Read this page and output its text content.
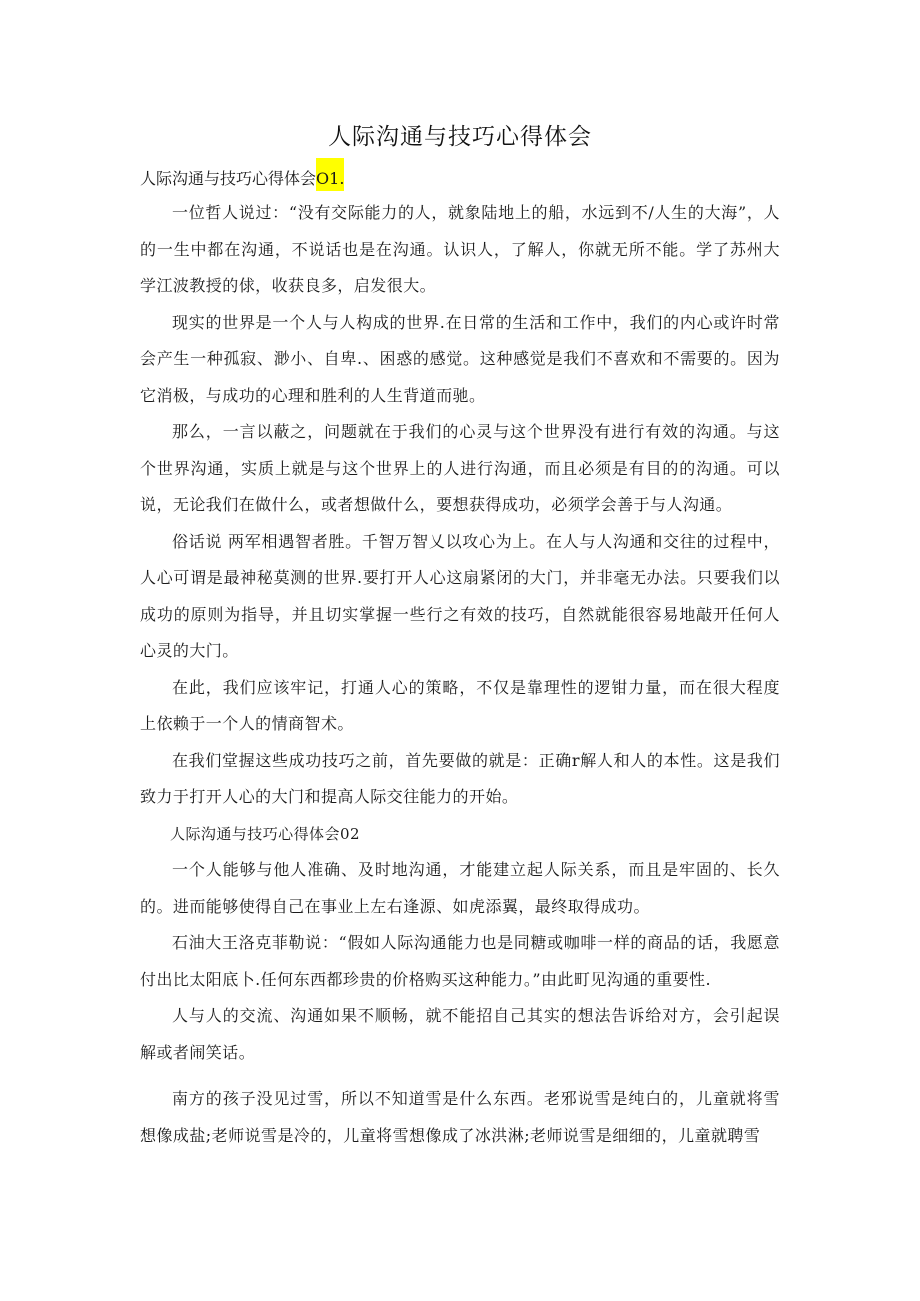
人际沟通与技巧心得体会
人际沟通与技巧心得体会O1.

一位哲人说过：“没有交际能力的人，就象陆地上的船，水远到不/人生的大海”，人的一生中都在沟通，不说话也是在沟通。认识人，了解人，你就无所不能。学了苏州大学江波教授的俅，收获良多，启发很大。

现实的世界是一个人与人构成的世界.在日常的生活和工作中，我们的内心或许时常会产生一种孤寂、渺小、自卑.、困惑的感觉。这种感觉是我们不喜欢和不需要的。因为它消极，与成功的心理和胜利的人生背道而驰。

那么，一言以蔽之，问题就在于我们的心灵与这个世界没有进行有效的沟通。与这个世界沟通，实质上就是与这个世界上的人进行沟通，而且必须是有目的的沟通。可以说，无论我们在做什么，或者想做什么，要想获得成功，必须学会善于与人沟通。

俗话说 两军相遇智者胜。千智万智乂以攻心为上。在人与人沟通和交往的过程中，人心可谓是最神秘莫测的世界.要打开人心这扇紧闭的大门，并非毫无办法。只要我们以成功的原则为指导，并且切实掌握一些行之有效的技巧，自然就能很容易地敲开任何人心灵的大门。

在此，我们应该牢记，打通人心的策略，不仅是靠理性的逻钳力量，而在很大程度上依赖于一个人的情商智术。

在我们堂握这些成功技巧之前，首先要做的就是：正确r解人和人的本性。这是我们致力于打开人心的大门和提高人际交往能力的开始。

人际沟通与技巧心得体会02

一个人能够与他人准确、及时地沟通，才能建立起人际关系，而且是牢固的、长久的。进而能够使得自己在事业上左右逢源、如虎添翼，最终取得成功。

石油大王洛克菲勒说：“假如人际沟通能力也是同糖或咖啡一样的商品的话，我愿意付出比太阳底卜.任何东西都珍贵的价格购买这种能力。”由此町见沟通的重要性.

人与人的交流、沟通如果不顺畅，就不能招自己其实的想法告诉给对方，会引起误解或者闹笑话。

南方的孩子没见过雪，所以不知道雪是什么东西。老邪说雪是纯白的，儿童就将雪想像成盐;老师说雪是冷的，儿童将雪想像成了冰洪淋;老师说雪是细细的，儿童就聘雪
